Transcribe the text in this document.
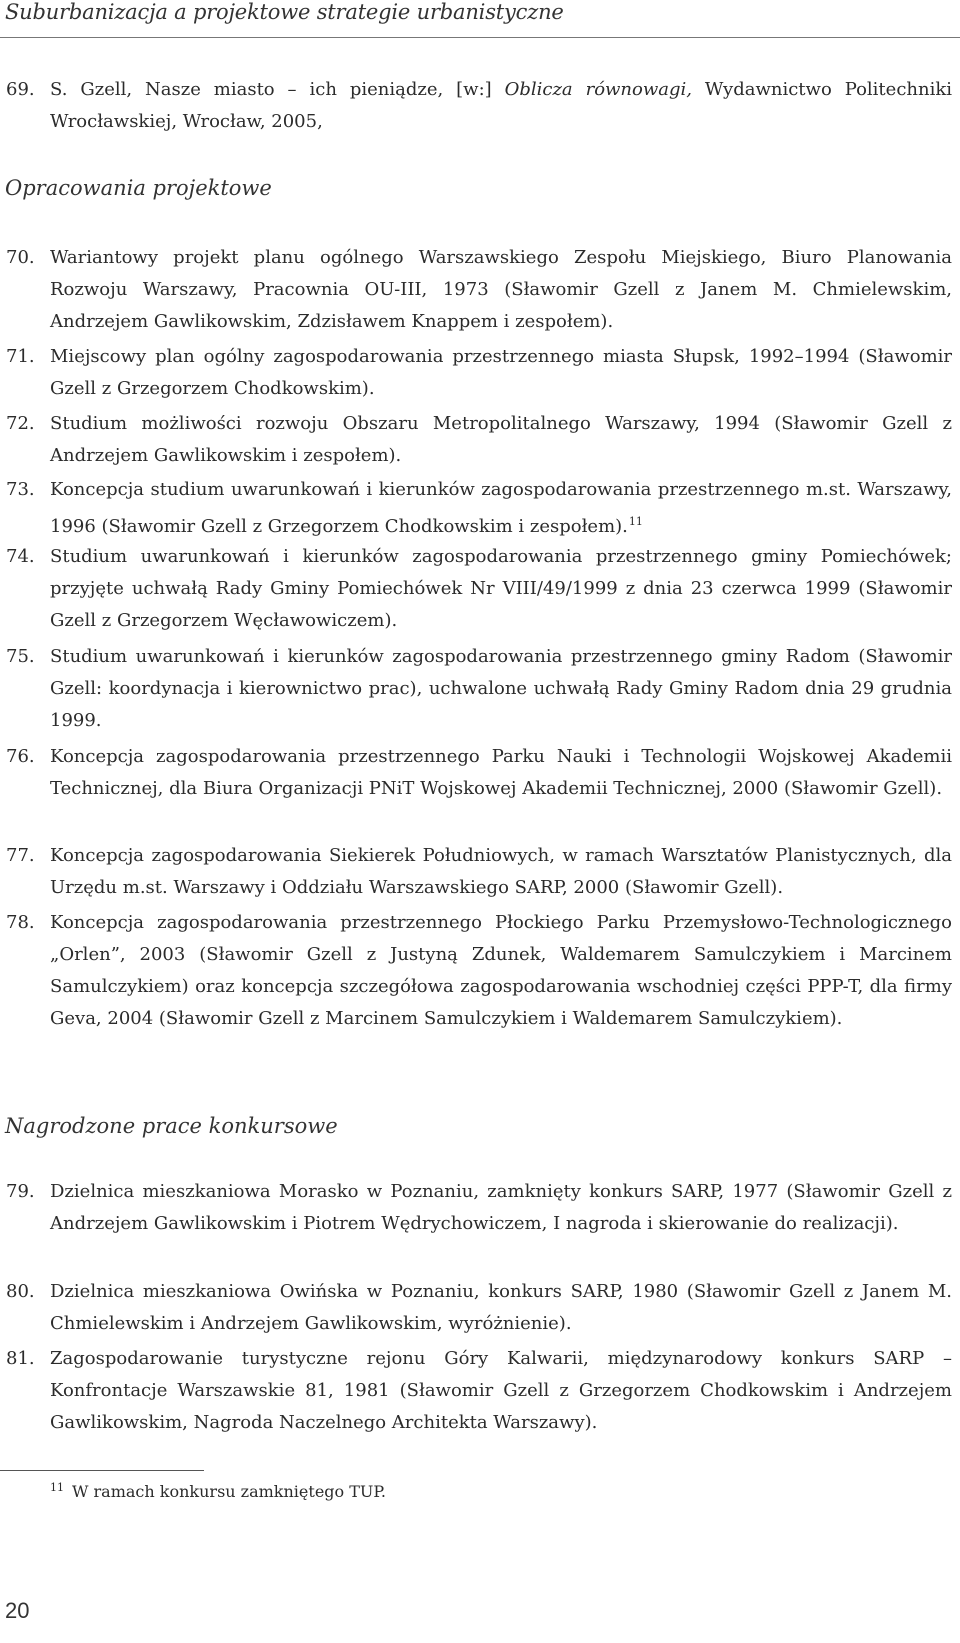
Suburbanizacja a projektowe strategie urbanistyczne
69. S. Gzell, Nasze miasto – ich pieniądze, [w:] Oblicza równowagi, Wydawnictwo Politechniki Wrocławskiej, Wrocław, 2005,
Opracowania projektowe
70. Wariantowy projekt planu ogólnego Warszawskiego Zespołu Miejskiego, Biuro Planowania Rozwoju Warszawy, Pracownia OU-III, 1973 (Sławomir Gzell z Janem M. Chmielewskim, Andrzejem Gawlikowskim, Zdzisławem Knappem i zespołem).
71. Miejscowy plan ogólny zagospodarowania przestrzennego miasta Słupsk, 1992–1994 (Sławomir Gzell z Grzegorzem Chodkowskim).
72. Studium możliwości rozwoju Obszaru Metropolitalnego Warszawy, 1994 (Sławomir Gzell z Andrzejem Gawlikowskim i zespołem).
73. Koncepcja studium uwarunkowań i kierunków zagospodarowania przestrzennego m.st. Warszawy, 1996 (Sławomir Gzell z Grzegorzem Chodkowskim i zespołem).$^{11}$
74. Studium uwarunkowań i kierunków zagospodarowania przestrzennego gminy Pomiechówek; przyjęte uchwałą Rady Gminy Pomiechówek Nr VIII/49/1999 z dnia 23 czerwca 1999 (Sławomir Gzell z Grzegorzem Węcławowiczem).
75. Studium uwarunkowań i kierunków zagospodarowania przestrzennego gminy Radom (Sławomir Gzell: koordynacja i kierownictwo prac), uchwalone uchwałą Rady Gminy Radom dnia 29 grudnia 1999.
76. Koncepcja zagospodarowania przestrzennego Parku Nauki i Technologii Wojskowej Akademii Technicznej, dla Biura Organizacji PNiT Wojskowej Akademii Technicznej, 2000 (Sławomir Gzell).
77. Koncepcja zagospodarowania Siekierek Południowych, w ramach Warsztatów Planistycznych, dla Urzędu m.st. Warszawy i Oddziału Warszawskiego SARP, 2000 (Sławomir Gzell).
78. Koncepcja zagospodarowania przestrzennego Płockiego Parku Przemysłowo-Technologicznego „Orlen”, 2003 (Sławomir Gzell z Justyną Zdunek, Waldemarem Samulczykiem i Marcinem Samulczykiem) oraz koncepcja szczegółowa zagospodarowania wschodniej części PPP-T, dla firmy Geva, 2004 (Sławomir Gzell z Marcinem Samulczykiem i Waldemarem Samulczykiem).
Nagrodzone prace konkursowe
79. Dzielnica mieszkaniowa Morasko w Poznaniu, zamknięty konkurs SARP, 1977 (Sławomir Gzell z Andrzejem Gawlikowskim i Piotrem Wędrychowiczem, I nagroda i skierowanie do realizacji).
80. Dzielnica mieszkaniowa Owińska w Poznaniu, konkurs SARP, 1980 (Sławomir Gzell z Janem M. Chmielewskim i Andrzejem Gawlikowskim, wyróżnienie).
81. Zagospodarowanie turystyczne rejonu Góry Kalwarii, międzynarodowy konkurs SARP – Konfrontacje Warszawskie 81, 1981 (Sławomir Gzell z Grzegorzem Chodkowskim i Andrzejem Gawlikowskim, Nagroda Naczelnego Architekta Warszawy).
$^{11}$ W ramach konkursu zamkniętego TUP.
20
